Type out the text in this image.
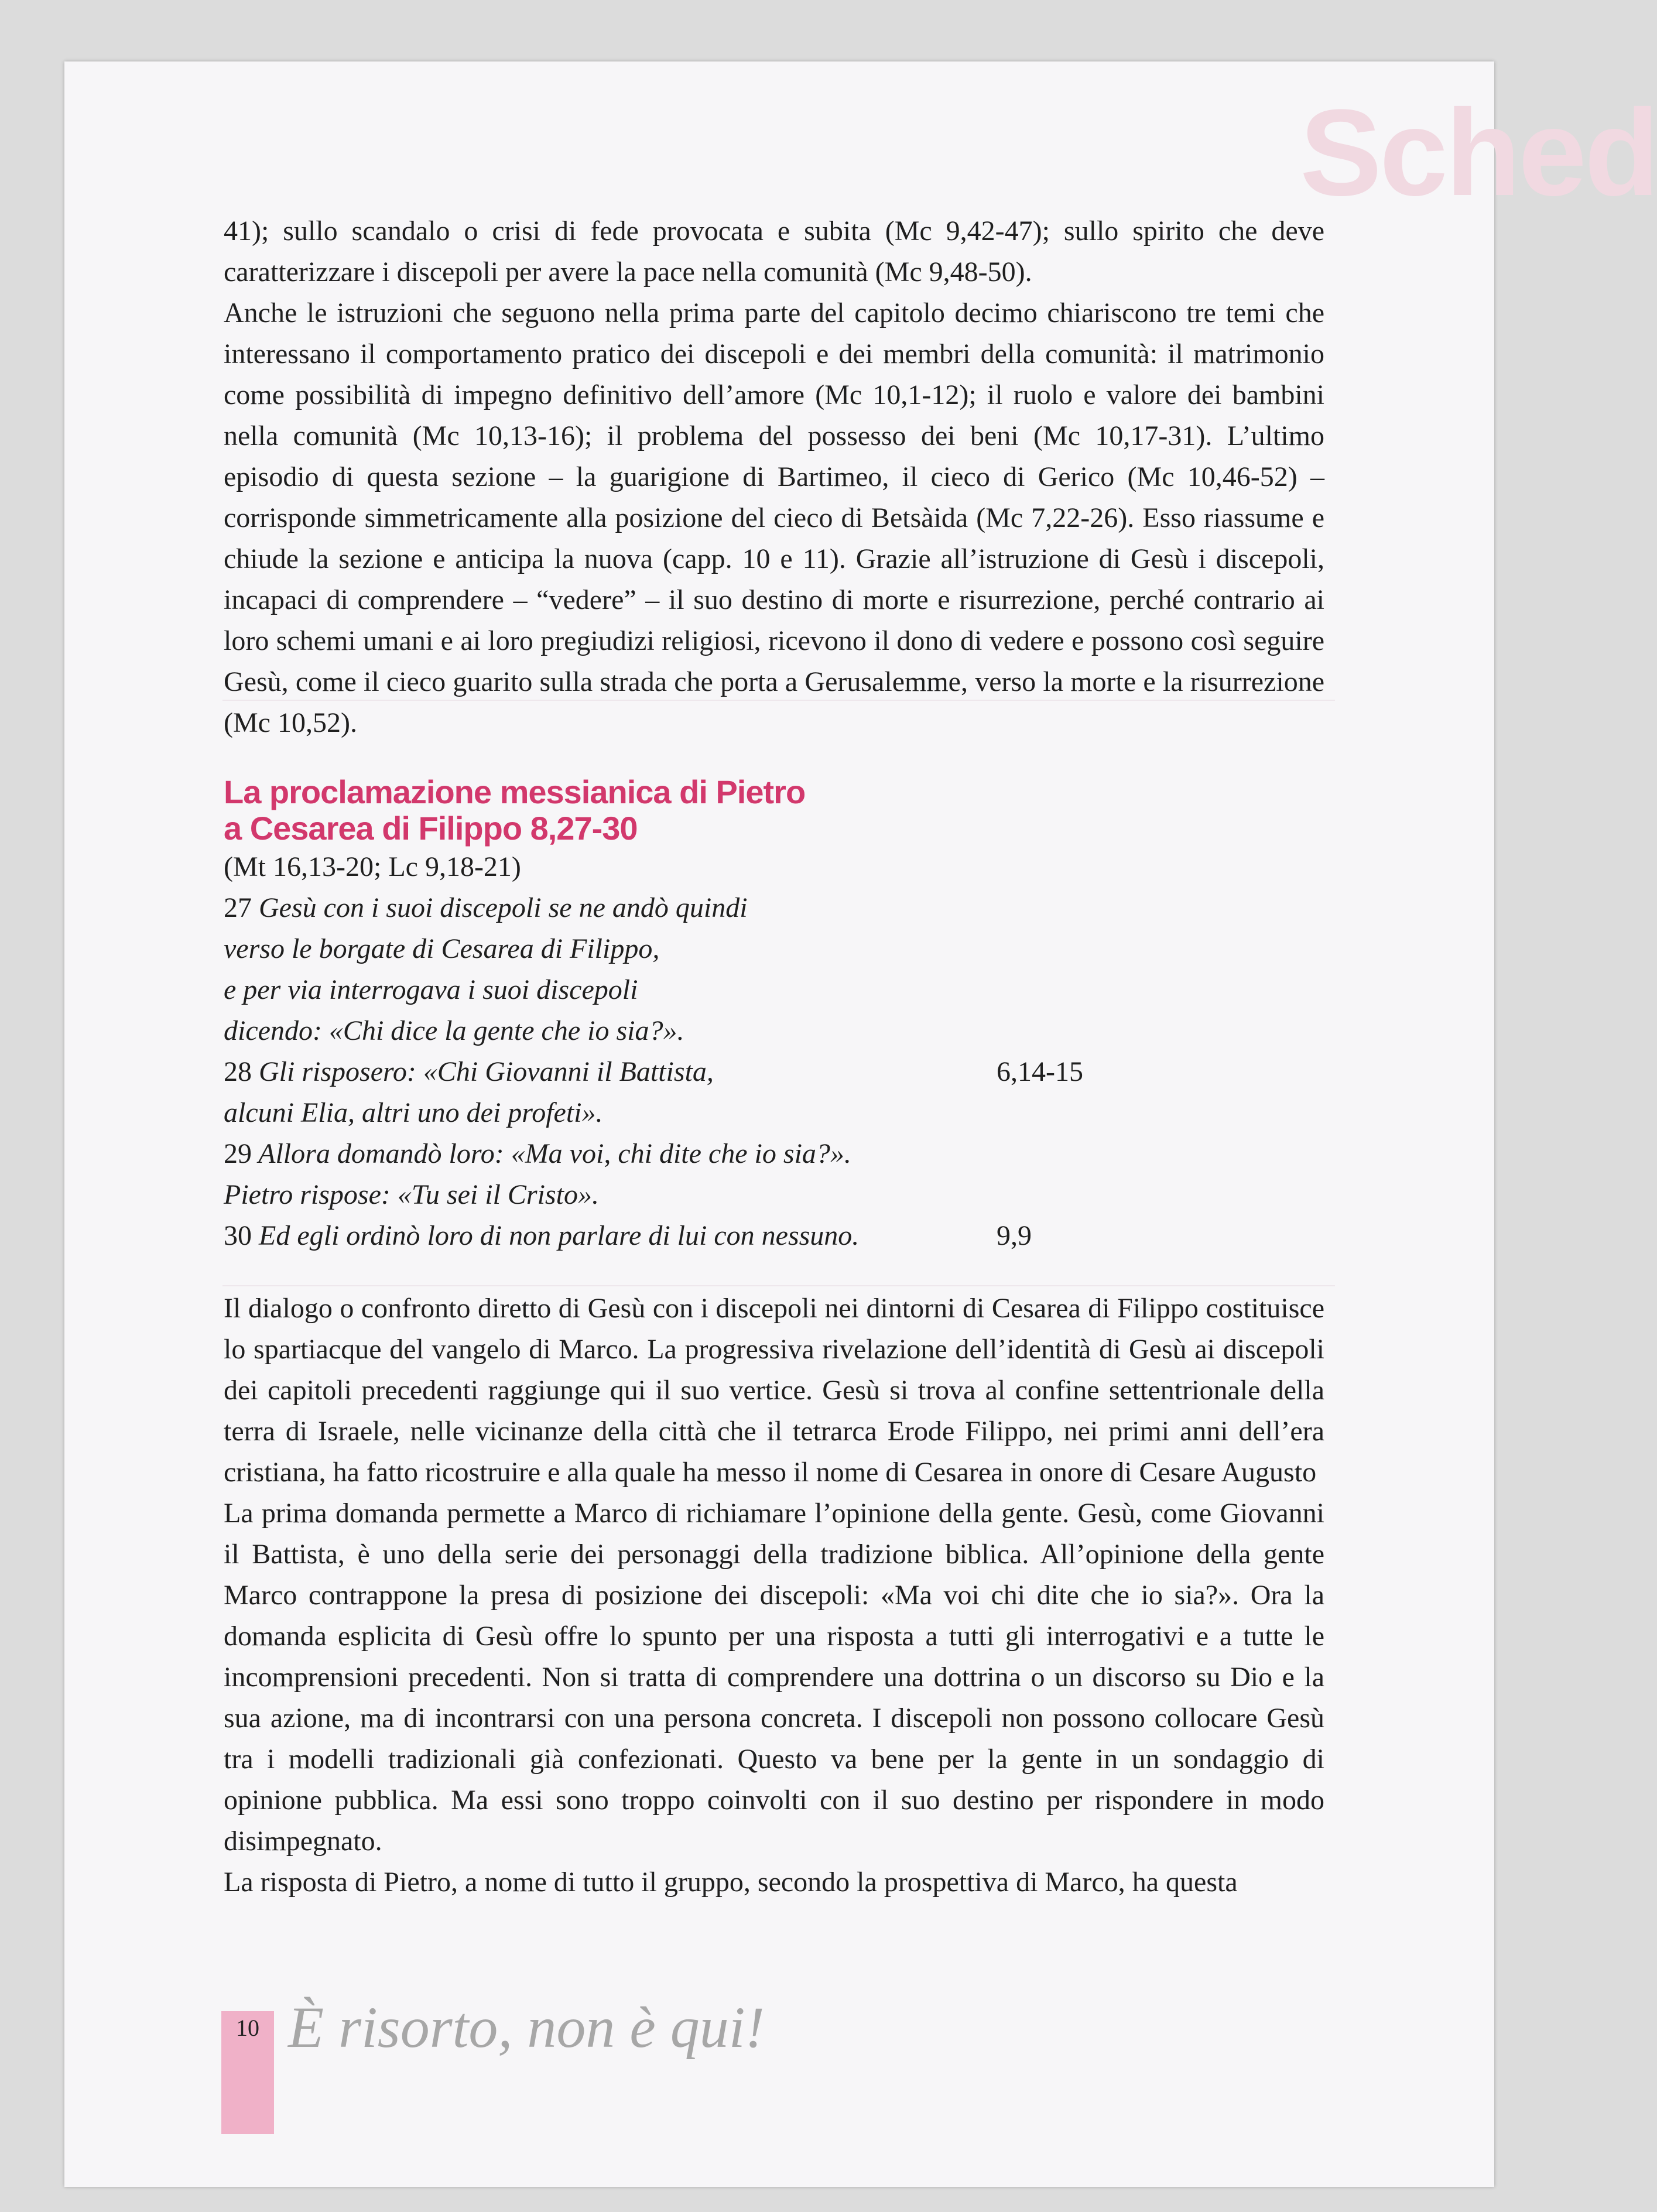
Sched

41); sullo scandalo o crisi di fede provocata e subita (Mc 9,42-47); sullo spirito che deve caratterizzare i discepoli per avere la pace nella comunità (Mc 9,48-50).

Anche le istruzioni che seguono nella prima parte del capitolo decimo chiariscono tre temi che interessano il comportamento pratico dei discepoli e dei membri della comunità: il matrimonio come possibilità di impegno definitivo dell’amore (Mc 10,1-12); il ruolo e valore dei bambini nella comunità (Mc 10,13-16); il problema del possesso dei beni (Mc 10,17-31). L’ultimo episodio di questa sezione – la guarigione di Bartimeo, il cieco di Gerico (Mc 10,46-52) – corrisponde simmetricamente alla posizione del cieco di Betsàida (Mc 7,22-26). Esso riassume e chiude la sezione e anticipa la nuova (capp. 10 e 11). Grazie all’istruzione di Gesù i discepoli, incapaci di comprendere – “vedere” – il suo destino di morte e risurrezione, perché contrario ai loro schemi umani e ai loro pregiudizi religiosi, ricevono il dono di vedere e possono così seguire Gesù, come il cieco guarito sulla strada che porta a Gerusalemme, verso la morte e la risurrezione (Mc 10,52).

La proclamazione messianica di Pietro
a Cesarea di Filippo 8,27-30

(Mt 16,13-20; Lc 9,18-21)

27 Gesù con i suoi discepoli se ne andò quindi
verso le borgate di Cesarea di Filippo,
e per via interrogava i suoi discepoli
dicendo: «Chi dice la gente che io sia?».
28 Gli risposero: «Chi Giovanni il Battista,	6,14-15
alcuni Elia, altri uno dei profeti».
29 Allora domandò loro: «Ma voi, chi dite che io sia?».
Pietro rispose: «Tu sei il Cristo».
30 Ed egli ordinò loro di non parlare di lui con nessuno.	9,9

Il dialogo o confronto diretto di Gesù con i discepoli nei dintorni di Cesarea di Filippo costituisce lo spartiacque del vangelo di Marco. La progressiva rivelazione dell’identità di Gesù ai discepoli dei capitoli precedenti raggiunge qui il suo vertice. Gesù si trova al confine settentrionale della terra di Israele, nelle vicinanze della città che il tetrarca Erode Filippo, nei primi anni dell’era cristiana, ha fatto ricostruire e alla quale ha messo il nome di Cesarea in onore di Cesare Augusto

La prima domanda permette a Marco di richiamare l’opinione della gente. Gesù, come Giovanni il Battista, è uno della serie dei personaggi della tradizione biblica. All’opinione della gente Marco contrappone la presa di posizione dei discepoli: «Ma voi chi dite che io sia?». Ora la domanda esplicita di Gesù offre lo spunto per una risposta a tutti gli interrogativi e a tutte le incomprensioni precedenti. Non si tratta di comprendere una dottrina o un discorso su Dio e la sua azione, ma di incontrarsi con una persona concreta. I discepoli non possono collocare Gesù tra i modelli tradizionali già confezionati. Questo va bene per la gente in un sondaggio di opinione pubblica. Ma essi sono troppo coinvolti con il suo destino per rispondere in modo disimpegnato.

La risposta di Pietro, a nome di tutto il gruppo, secondo la prospettiva di Marco, ha questa

10 È risorto, non è qui!
